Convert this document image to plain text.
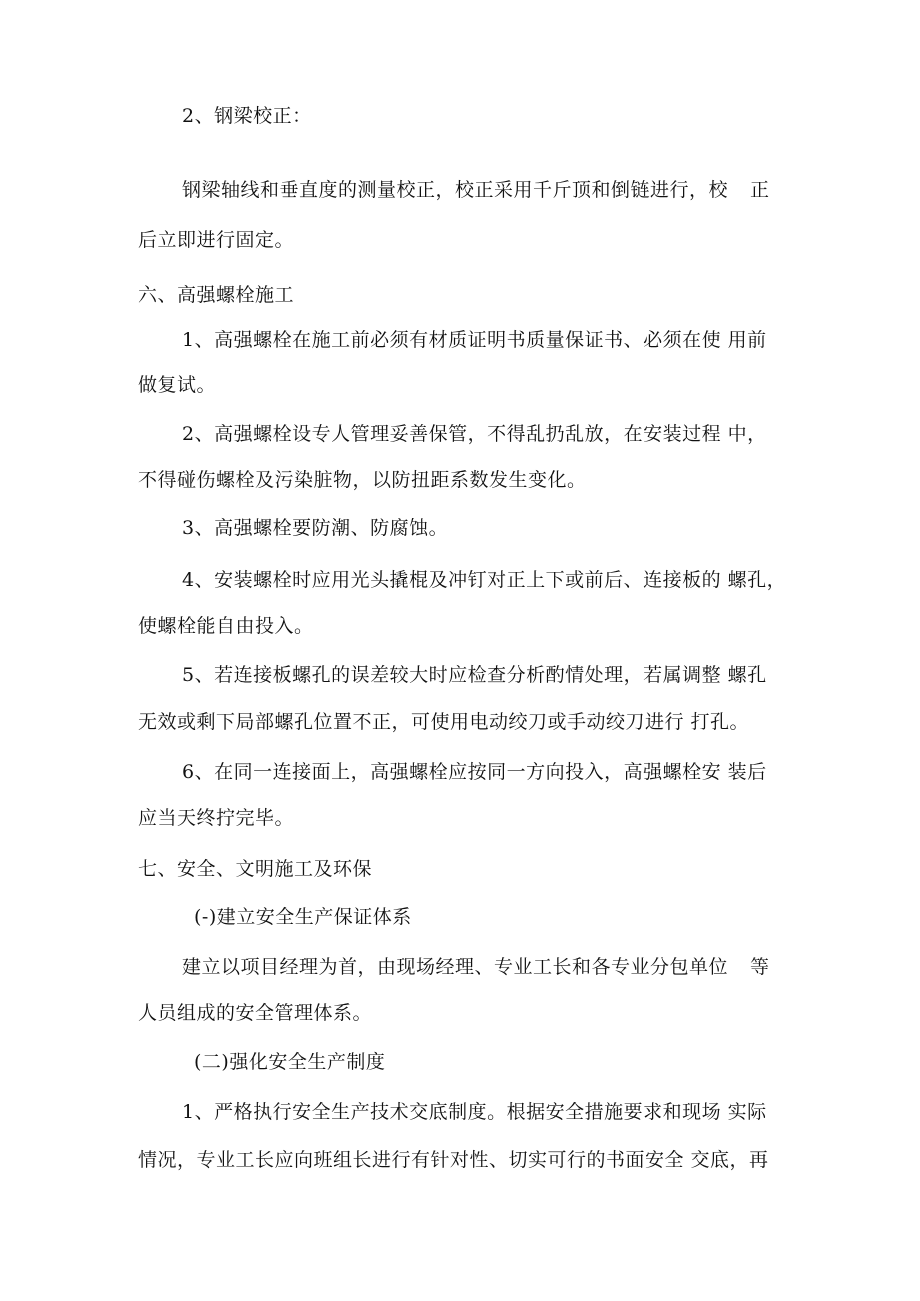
2、钢梁校正：
钢梁轴线和垂直度的测量校正，校正采用千斤顶和倒链进行，校 正
后立即进行固定。
六、高强螺栓施工
1、高强螺栓在施工前必须有材质证明书质量保证书、必须在使 用前
做复试。
2、高强螺栓设专人管理妥善保管，不得乱扔乱放，在安装过程 中，
不得碰伤螺栓及污染脏物，以防扭距系数发生变化。
3、高强螺栓要防潮、防腐蚀。
4、安装螺栓时应用光头撬棍及冲钉对正上下或前后、连接板的 螺孔，
使螺栓能自由投入。
5、若连接板螺孔的误差较大时应检查分析酌情处理，若属调整 螺孔
无效或剩下局部螺孔位置不正，可使用电动绞刀或手动绞刀进行 打孔。
6、在同一连接面上，高强螺栓应按同一方向投入，高强螺栓安 装后
应当天终拧完毕。
七、安全、文明施工及环保
(-)建立安全生产保证体系
建立以项目经理为首，由现场经理、专业工长和各专业分包单位 等
人员组成的安全管理体系。
(二)强化安全生产制度
1、严格执行安全生产技术交底制度。根据安全措施要求和现场 实际
情况，专业工长应向班组长进行有针对性、切实可行的书面安全 交底，再
